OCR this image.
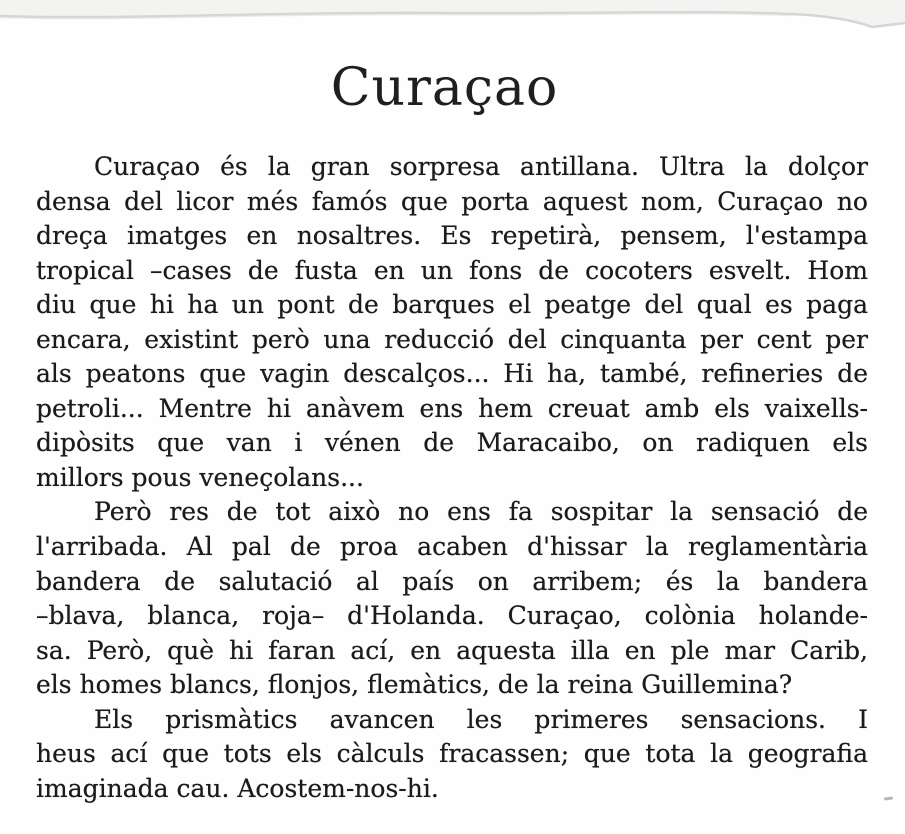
Curaçao
Curaçao és la gran sorpresa antillana. Ultra la dolçor
densa del licor més famós que porta aquest nom, Curaçao no
dreça imatges en nosaltres. Es repetirà, pensem, l'estampa
tropical –cases de fusta en un fons de cocoters esvelt. Hom
diu que hi ha un pont de barques el peatge del qual es paga
encara, existint però una reducció del cinquanta per cent per
als peatons que vagin descalços... Hi ha, també, refineries de
petroli... Mentre hi anàvem ens hem creuat amb els vaixells-
dipòsits que van i vénen de Maracaibo, on radiquen els
millors pous veneçolans...
Però res de tot això no ens fa sospitar la sensació de
l'arribada. Al pal de proa acaben d'hissar la reglamentària
bandera de salutació al país on arribem; és la bandera
–blava, blanca, roja– d'Holanda. Curaçao, colònia holande-
sa. Però, què hi faran ací, en aquesta illa en ple mar Carib,
els homes blancs, flonjos, flemàtics, de la reina Guillemina?
Els prismàtics avancen les primeres sensacions. I
heus ací que tots els càlculs fracassen; que tota la geografia
imaginada cau. Acostem-nos-hi.
